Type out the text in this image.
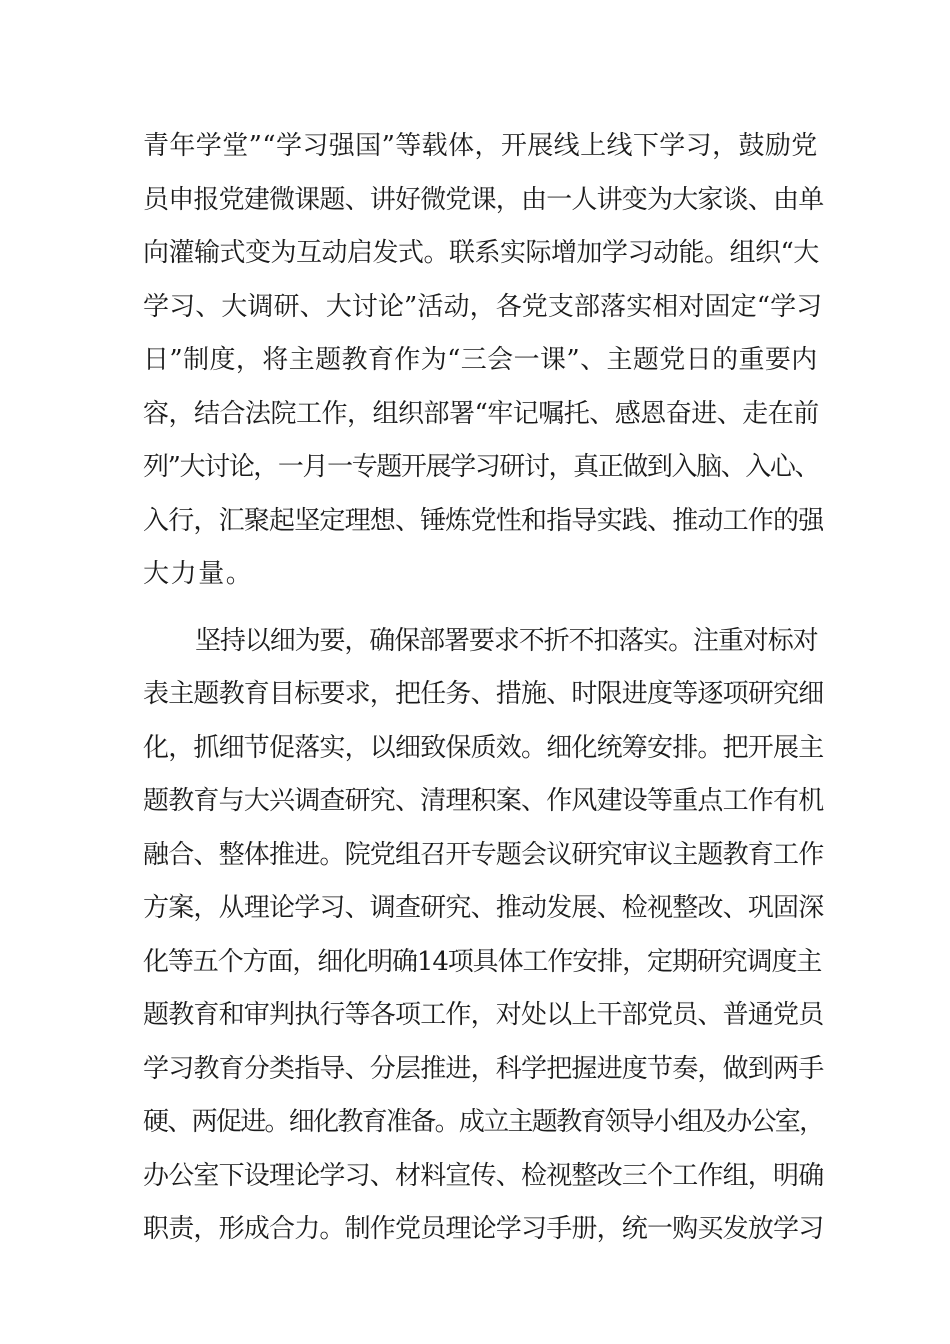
青年学堂”“学习强国”等载体，开展线上线下学习，鼓励党
员申报党建微课题、讲好微党课，由一人讲变为大家谈、由单
向灌输式变为互动启发式。联系实际增加学习动能。组织“大
学习、大调研、大讨论”活动，各党支部落实相对固定“学习
日”制度，将主题教育作为“三会一课”、主题党日的重要内
容，结合法院工作，组织部署“牢记嘱托、感恩奋进、走在前
列”大讨论，一月一专题开展学习研讨，真正做到入脑、入心、
入行，汇聚起坚定理想、锤炼党性和指导实践、推动工作的强
大力量。
坚持以细为要，确保部署要求不折不扣落实。注重对标对
表主题教育目标要求，把任务、措施、时限进度等逐项研究细
化，抓细节促落实，以细致保质效。细化统筹安排。把开展主
题教育与大兴调查研究、清理积案、作风建设等重点工作有机
融合、整体推进。院党组召开专题会议研究审议主题教育工作
方案，从理论学习、调查研究、推动发展、检视整改、巩固深
化等五个方面，细化明确14项具体工作安排，定期研究调度主
题教育和审判执行等各项工作，对处以上干部党员、普通党员
学习教育分类指导、分层推进，科学把握进度节奏，做到两手
硬、两促进。细化教育准备。成立主题教育领导小组及办公室，
办公室下设理论学习、材料宣传、检视整改三个工作组，明确
职责，形成合力。制作党员理论学习手册，统一购买发放学习
